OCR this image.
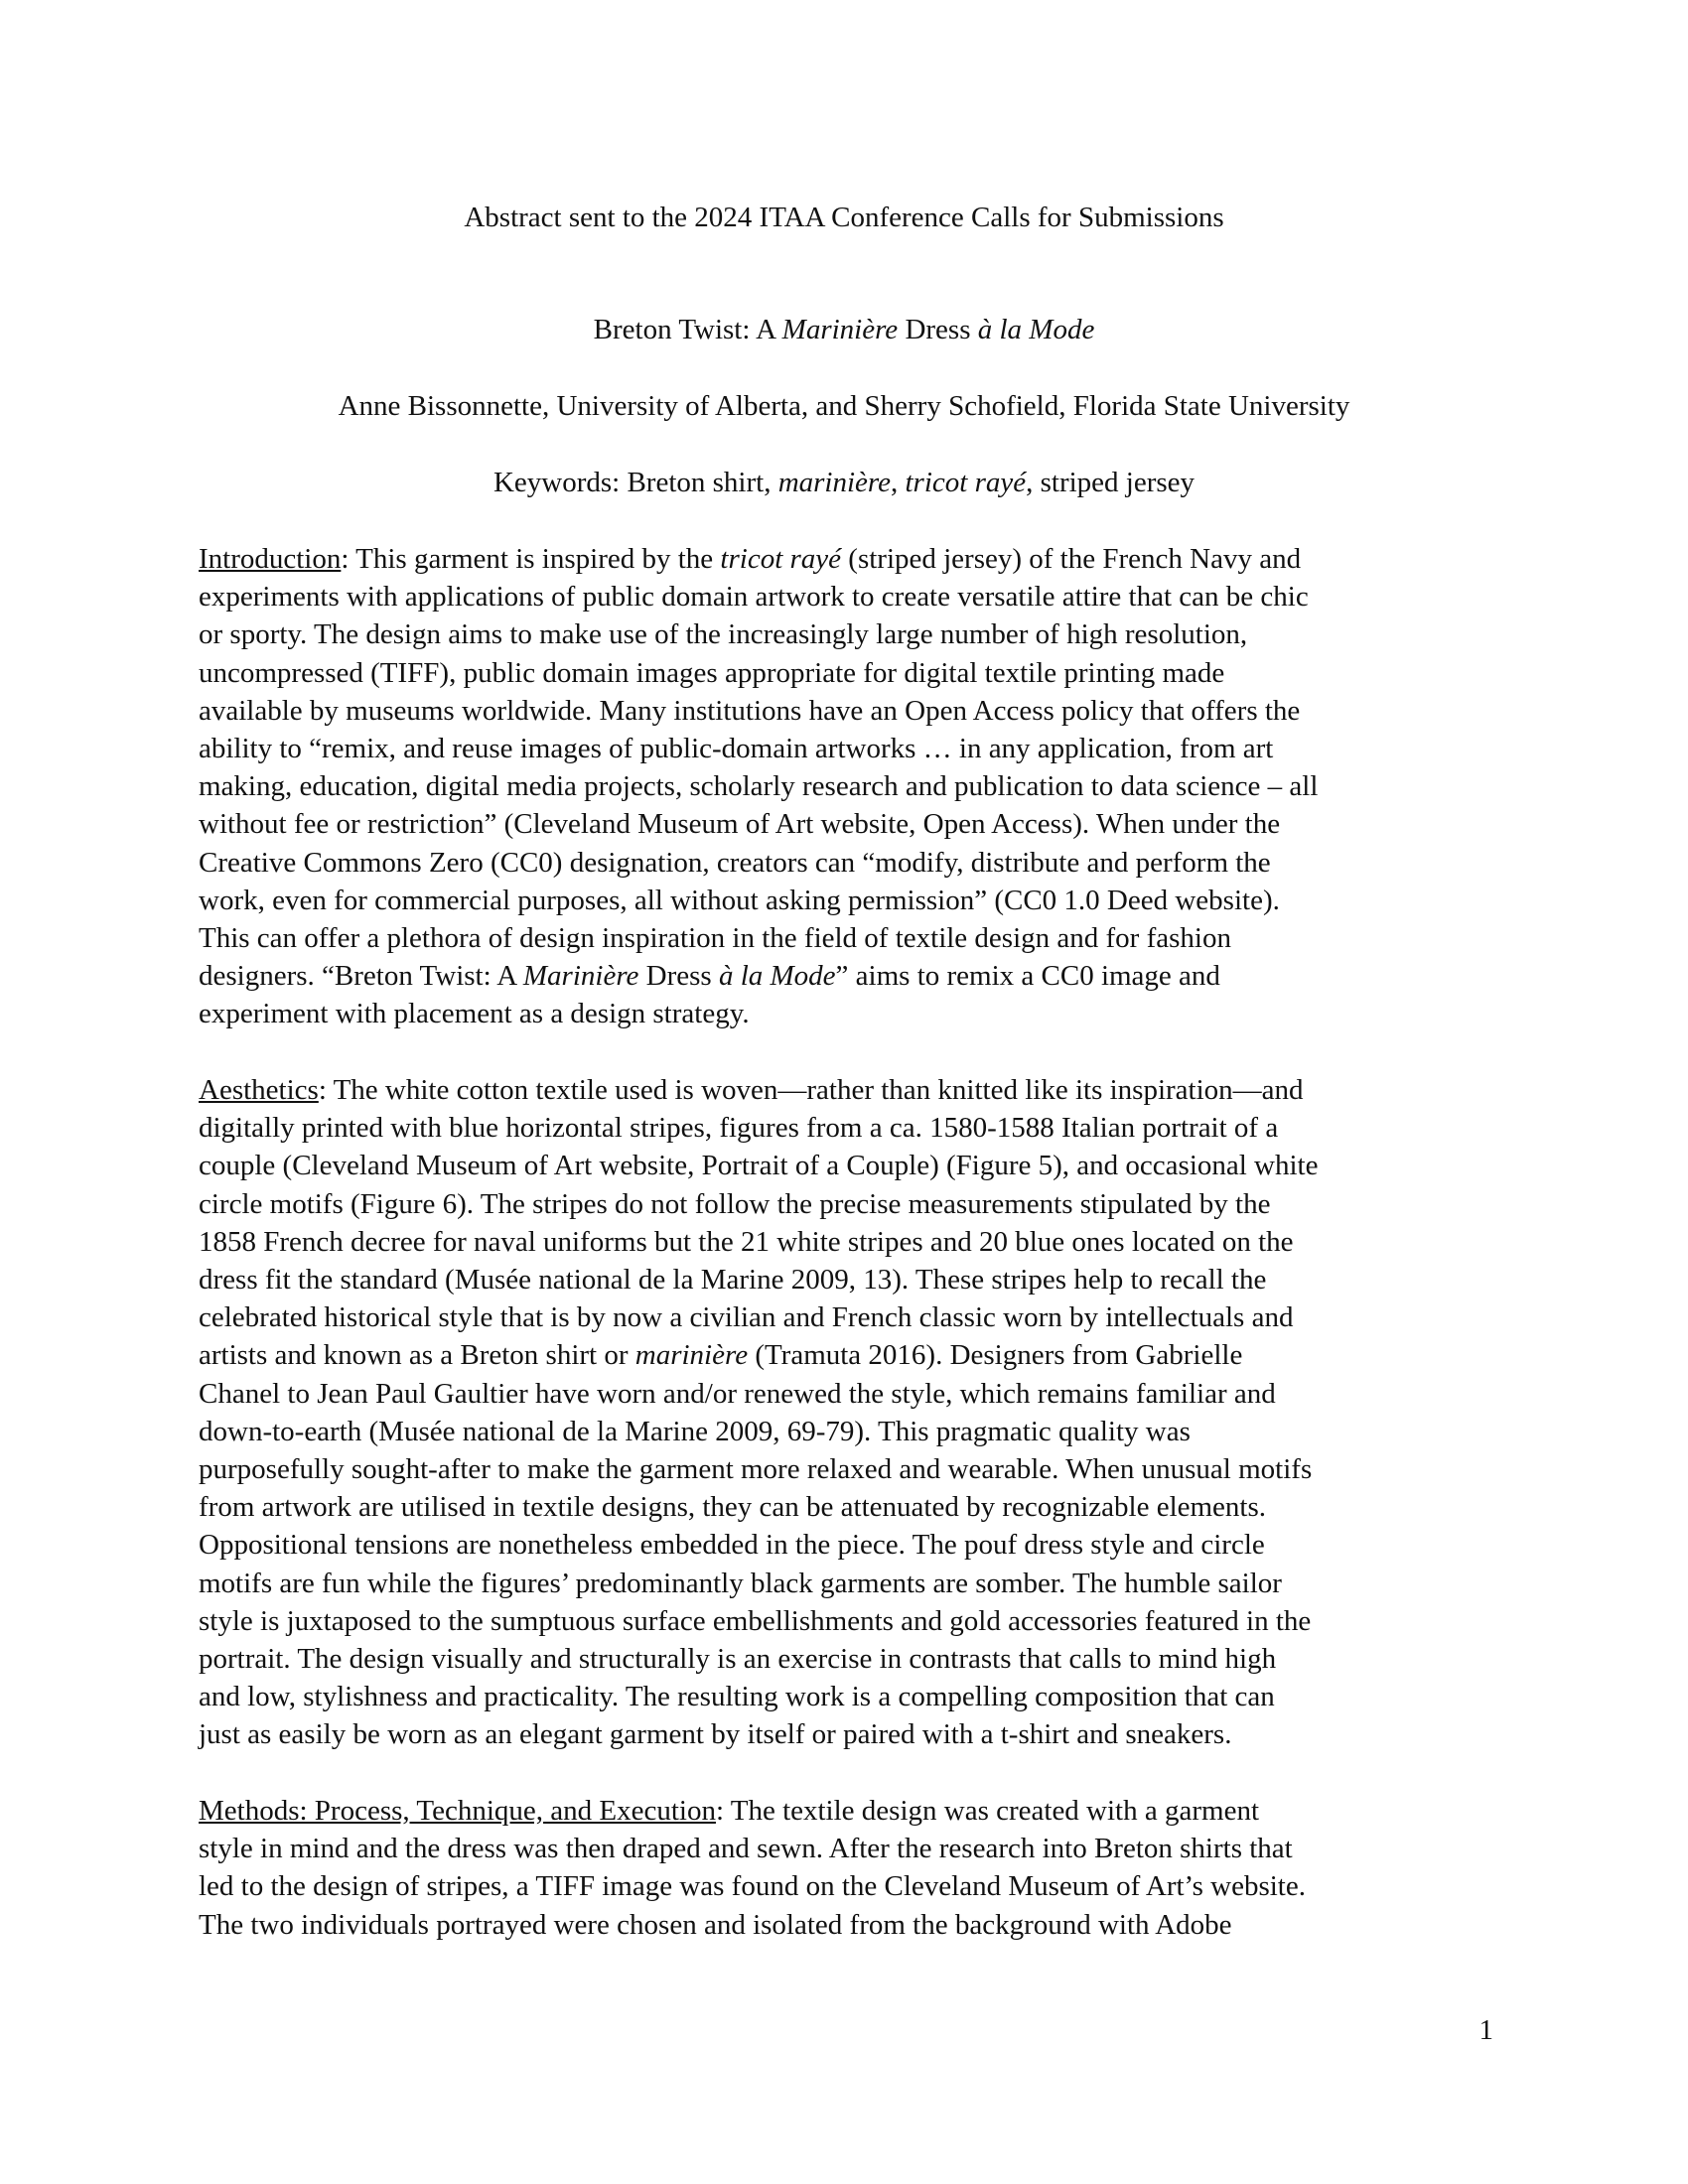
Abstract sent to the 2024 ITAA Conference Calls for Submissions
Breton Twist: A Marinière Dress à la Mode
Anne Bissonnette, University of Alberta, and Sherry Schofield, Florida State University
Keywords: Breton shirt, marinière, tricot rayé, striped jersey
Introduction: This garment is inspired by the tricot rayé (striped jersey) of the French Navy and
experiments with applications of public domain artwork to create versatile attire that can be chic
or sporty. The design aims to make use of the increasingly large number of high resolution,
uncompressed (TIFF), public domain images appropriate for digital textile printing made
available by museums worldwide. Many institutions have an Open Access policy that offers the
ability to “remix, and reuse images of public-domain artworks … in any application, from art
making, education, digital media projects, scholarly research and publication to data science – all
without fee or restriction” (Cleveland Museum of Art website, Open Access). When under the
Creative Commons Zero (CC0) designation, creators can “modify, distribute and perform the
work, even for commercial purposes, all without asking permission” (CC0 1.0 Deed website).
This can offer a plethora of design inspiration in the field of textile design and for fashion
designers. “Breton Twist: A Marinière Dress à la Mode” aims to remix a CC0 image and
experiment with placement as a design strategy.
Aesthetics: The white cotton textile used is woven—rather than knitted like its inspiration—and
digitally printed with blue horizontal stripes, figures from a ca. 1580-1588 Italian portrait of a
couple (Cleveland Museum of Art website, Portrait of a Couple) (Figure 5), and occasional white
circle motifs (Figure 6). The stripes do not follow the precise measurements stipulated by the
1858 French decree for naval uniforms but the 21 white stripes and 20 blue ones located on the
dress fit the standard (Musée national de la Marine 2009, 13). These stripes help to recall the
celebrated historical style that is by now a civilian and French classic worn by intellectuals and
artists and known as a Breton shirt or marinière (Tramuta 2016). Designers from Gabrielle
Chanel to Jean Paul Gaultier have worn and/or renewed the style, which remains familiar and
down-to-earth (Musée national de la Marine 2009, 69-79). This pragmatic quality was
purposefully sought-after to make the garment more relaxed and wearable. When unusual motifs
from artwork are utilised in textile designs, they can be attenuated by recognizable elements.
Oppositional tensions are nonetheless embedded in the piece. The pouf dress style and circle
motifs are fun while the figures’ predominantly black garments are somber. The humble sailor
style is juxtaposed to the sumptuous surface embellishments and gold accessories featured in the
portrait. The design visually and structurally is an exercise in contrasts that calls to mind high
and low, stylishness and practicality. The resulting work is a compelling composition that can
just as easily be worn as an elegant garment by itself or paired with a t-shirt and sneakers.
Methods: Process, Technique, and Execution: The textile design was created with a garment
style in mind and the dress was then draped and sewn. After the research into Breton shirts that
led to the design of stripes, a TIFF image was found on the Cleveland Museum of Art’s website.
The two individuals portrayed were chosen and isolated from the background with Adobe
1
